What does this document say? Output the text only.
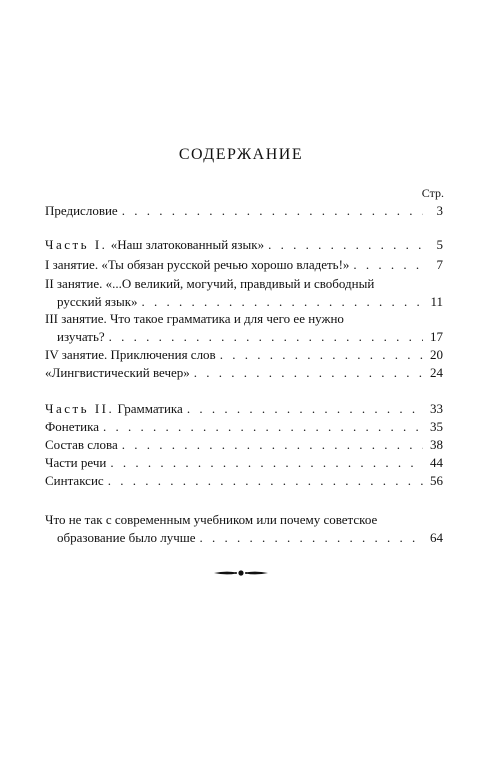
СОДЕРЖАНИЕ
Стр.
Предисловие . . .	3
Часть I. «Наш златокованный язык» . . .	5
I занятие. «Ты обязан русской речью хорошо владеть!» . . .	7
II занятие. «...О великий, могучий, правдивый и свободный
русский язык» . . .	11
III занятие. Что такое грамматика и для чего ее нужно
изучать? . . .	17
IV занятие. Приключения слов . . .	20
«Лингвистический вечер» . . .	24
Часть II. Грамматика . . .	33
Фонетика . . .	35
Состав слова . . .	38
Части речи . . .	44
Синтаксис . . .	56
Что не так с современным учебником или почему советское
образование было лучше . . .	64
